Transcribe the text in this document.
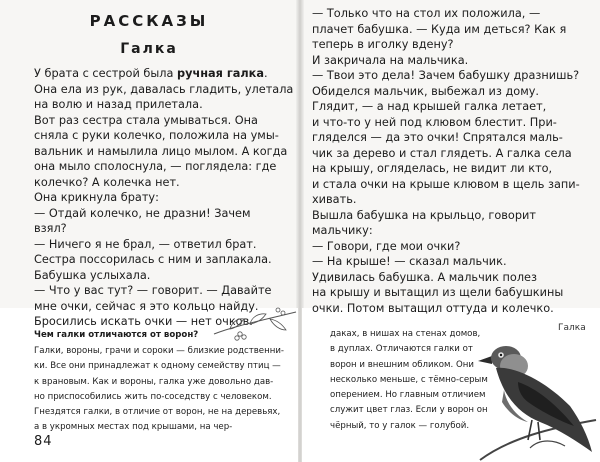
РАССКАЗЫ
Галка
У брата с сестрой была ручная галка.
Она ела из рук, давалась гладить, улетала
на волю и назад прилетала.
Вот раз сестра стала умываться. Она
сняла с руки колечко, положила на умы-
вальник и намылила лицо мылом. А когда
она мыло сполоснула, — поглядела: где
колечко? А колечка нет.
Она крикнула брату:
— Отдай колечко, не дразни! Зачем
взял?
— Ничего я не брал, — ответил брат.
Сестра поссорилась с ним и заплакала.
Бабушка услыхала.
— Что у вас тут? — говорит. — Давайте
мне очки, сейчас я это кольцо найду.
Бросились искать очки — нет очков.
— Только что на стол их положила, —
плачет бабушка. — Куда им деться? Как я
теперь в иголку вдену?
И закричала на мальчика.
— Твои это дела! Зачем бабушку дразнишь?
Обиделся мальчик, выбежал из дому.
Глядит, — а над крышей галка летает,
и что-то у ней под клювом блестит. При-
гляделся — да это очки! Спрятался маль-
чик за дерево и стал глядеть. А галка села
на крышу, огляделась, не видит ли кто,
и стала очки на крыше клювом в щель запи-
хивать.
Вышла бабушка на крыльцо, говорит
мальчику:
— Говори, где мои очки?
— На крыше! — сказал мальчик.
Удивилась бабушка. А мальчик полез
на крышу и вытащил из щели бабушкины
очки. Потом вытащил оттуда и колечко.
Чем галки отличаются от ворон?
Галки, вороны, грачи и сороки — близкие родственни-
ки. Все они принадлежат к одному семейству птиц —
к врановым. Как и вороны, галка уже довольно дав-
но приспособились жить по-соседству с человеком.
Гнездятся галки, в отличие от ворон, не на деревьях,
а в укромных местах под крышами, на чер-
даках, в нишах на стенах домов,
в дуплах. Отличаются галки от
ворон и внешним обликом. Они
несколько меньше, с тёмно-серым
оперением. Но главным отличием
служит цвет глаз. Если у ворон он
чёрный, то у галок — голубой.
Галка
84
